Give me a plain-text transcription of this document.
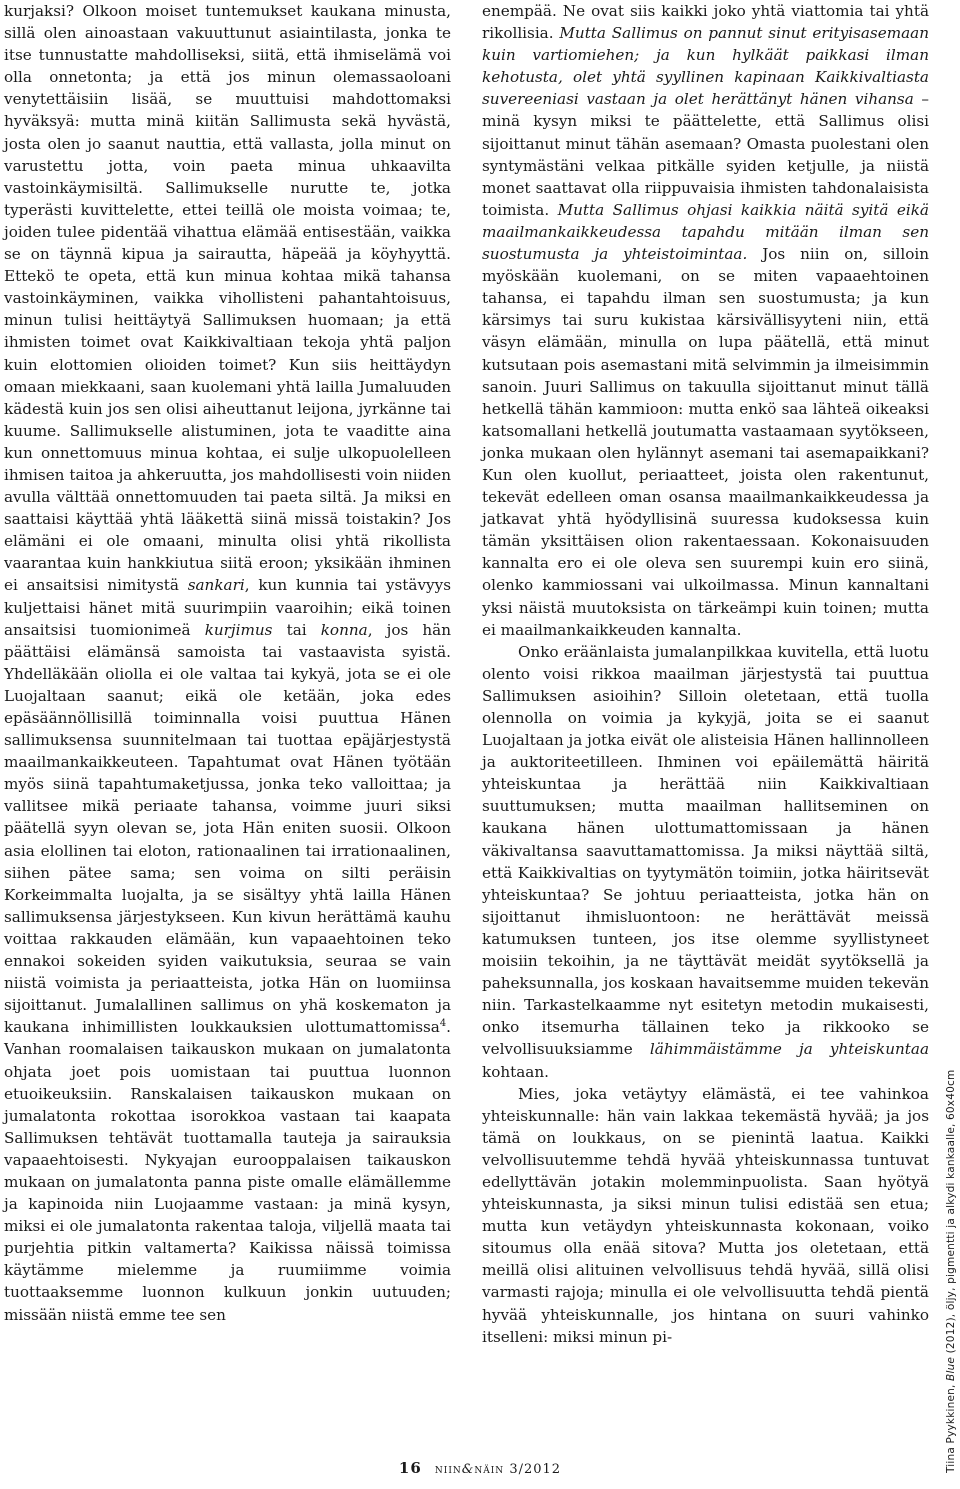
kurjaksi? Olkoon moiset tuntemukset kaukana minusta, sillä olen ainoastaan vakuuttunut asiaintilasta, jonka te itse tunnustatte mahdolliseksi, siitä, että ihmiselämä voi olla onnetonta; ja että jos minun olemassaoloani venytettäisiin lisää, se muuttuisi mahdottomaksi hyväksyä: mutta minä kiitän Sallimusta sekä hyvästä, josta olen jo saanut nauttia, että vallasta, jolla minut on varustettu jotta, voin paeta minua uhkaavilta vastoinkäymisiltä. Sallimukselle nurutte te, jotka typerästi kuvittelette, ettei teillä ole moista voimaa; te, joiden tulee pidentää vihattua elämää entisestään, vaikka se on täynnä kipua ja sairautta, häpeää ja köyhyyttä. Ettekö te opeta, että kun minua kohtaa mikä tahansa vastoinkäyminen, vaikka vihollisteni pahantahtoisuus, minun tulisi heittäytyä Sallimuksen huomaan; ja että ihmisten toimet ovat Kaikkivaltiaan tekoja yhtä paljon kuin elottomien olioiden toimet? Kun siis heittäydyn omaan miekkaani, saan kuolemani yhtä lailla Jumaluuden kädestä kuin jos sen olisi aiheuttanut leijona, jyrkänne tai kuume. Sallimukselle alistuminen, jota te vaaditte aina kun onnettomuus minua kohtaa, ei sulje ulkopuolelleen ihmisen taitoa ja ahkeruutta, jos mahdollisesti voin niiden avulla välttää onnettomuuden tai paeta siltä. Ja miksi en saattaisi käyttää yhtä lääkettä siinä missä toistakin? Jos elämäni ei ole omaani, minulta olisi yhtä rikollista vaarantaa kuin hankkiutua siitä eroon; yksikään ihminen ei ansaitsisi nimitystä sankari, kun kunnia tai ystävyys kuljettaisi hänet mitä suurimpiin vaaroihin; eikä toinen ansaitsisi tuomionimeä kurjimus tai konna, jos hän päättäisi elämänsä samoista tai vastaavista syistä. Yhdelläkään oliolla ei ole valtaa tai kykyä, jota se ei ole Luojaltaan saanut; eikä ole ketään, joka edes epäsäännöllisillä toiminnalla voisi puuttua Hänen sallimuksensa suunnitelmaan tai tuottaa epäjärjestystä maailmankaikkeuteen. Tapahtumat ovat Hänen työtään myös siinä tapahtumaketjussa, jonka teko valloittaa; ja vallitsee mikä periaate tahansa, voimme juuri siksi päätellä syyn olevan se, jota Hän eniten suosii. Olkoon asia elollinen tai eloton, rationaalinen tai irrationaalinen, siihen pätee sama; sen voima on silti peräisin Korkeimmalta luojalta, ja se sisältyy yhtä lailla Hänen sallimuksensa järjestykseen. Kun kivun herättämä kauhu voittaa rakkauden elämään, kun vapaaehtoinen teko ennakoi sokeiden syiden vaikutuksia, seuraa se vain niistä voimista ja periaatteista, jotka Hän on luomiinsa sijoittanut. Jumalallinen sallimus on yhä koskematon ja kaukana inhimillisten loukkauksien ulottumattomissa$^4$. Vanhan roomalaisen taikauskon mukaan on jumalatonta ohjata joet pois uomistaan tai puuttua luonnon etuoikeuksiin. Ranskalaisen taikauskon mukaan on jumalatonta rokottaa isorokkoa vastaan tai kaapata Sallimuksen tehtävät tuottamalla tauteja ja sairauksia vapaaehtoisesti. Nykyajan eurooppalaisen taikauskon mukaan on jumalatonta panna piste omalle elämällemme ja kapinoida niin Luojaamme vastaan: ja minä kysyn, miksi ei ole jumalatonta rakentaa taloja, viljellä maata tai purjehtia pitkin valtamerta? Kaikissa näissä toimissa käytämme mielemme ja ruumiimme voimia tuottaaksemme luonnon kulkuun jonkin uutuuden; missään niistä emme tee sen

enempää. Ne ovat siis kaikki joko yhtä viattomia tai yhtä rikollisia. Mutta Sallimus on pannut sinut erityisasemaan kuin vartiomiehen; ja kun hylkäät paikkasi ilman kehotusta, olet yhtä syyllinen kapinaan Kaikkivaltiasta suvereeniasi vastaan ja olet herättänyt hänen vihansa – minä kysyn miksi te päättelette, että Sallimus olisi sijoittanut minut tähän asemaan? Omasta puolestani olen syntymästäni velkaa pitkälle syiden ketjulle, ja niistä monet saattavat olla riippuvaisia ihmisten tahdonalaisista toimista. Mutta Sallimus ohjasi kaikkia näitä syitä eikä maailmankaikkeudessa tapahdu mitään ilman sen suostumusta ja yhteistoimintaa. Jos niin on, silloin myöskään kuolemani, on se miten vapaaehtoinen tahansa, ei tapahdu ilman sen suostumusta; ja kun kärsimys tai suru kukistaa kärsivällisyyteni niin, että väsyn elämään, minulla on lupa päätellä, että minut kutsutaan pois asemastani mitä selvimmin ja ilmeisimmin sanoin. Juuri Sallimus on takuulla sijoittanut minut tällä hetkellä tähän kammioon: mutta enkö saa lähteä oikeaksi katsomallani hetkellä joutumatta vastaamaan syytökseen, jonka mukaan olen hylännyt asemani tai asemapaikkani? Kun olen kuollut, periaatteet, joista olen rakentunut, tekevät edelleen oman osansa maailmankaikkeudessa ja jatkavat yhtä hyödyllisinä suuressa kudoksessa kuin tämän yksittäisen olion rakentaessaan. Kokonaisuuden kannalta ero ei ole oleva sen suurempi kuin ero siinä, olenko kammiossani vai ulkoilmassa. Minun kannaltani yksi näistä muutoksista on tärkeämpi kuin toinen; mutta ei maailmankaikkeuden kannalta.

Onko eräänlaista jumalanpilkkaa kuvitella, että luotu olento voisi rikkoa maailman järjestystä tai puuttua Sallimuksen asioihin? Silloin oletetaan, että tuolla olennolla on voimia ja kykyjä, joita se ei saanut Luojaltaan ja jotka eivät ole alisteisia Hänen hallinnolleen ja auktoriteetilleen. Ihminen voi epäilemättä häiritä yhteiskuntaa ja herättää niin Kaikkivaltiaan suuttumuksen; mutta maailman hallitseminen on kaukana hänen ulottumattomissaan ja hänen väkivaltansa saavuttamattomissa. Ja miksi näyttää siltä, että Kaikkivaltias on tyytymätön toimiin, jotka häiritsevät yhteiskuntaa? Se johtuu periaatteista, jotka hän on sijoittanut ihmisluontoon: ne herättävät meissä katumuksen tunteen, jos itse olemme syyllistyneet moisiin tekoihin, ja ne täyttävät meidät syytöksellä ja paheksunnalla, jos koskaan havaitsemme muiden tekevän niin. Tarkastelkaamme nyt esitetyn metodin mukaisesti, onko itsemurha tällainen teko ja rikkooko se velvollisuuksiamme lähimmäistämme ja yhteiskuntaa kohtaan.

Mies, joka vetäytyy elämästä, ei tee vahinkoa yhteiskunnalle: hän vain lakkaa tekemästä hyvää; ja jos tämä on loukkaus, on se pienintä laatua. Kaikki velvollisuutemme tehdä hyvää yhteiskunnassa tuntuvat edellyttävän jotakin molemminpuolista. Saan hyötyä yhteiskunnasta, ja siksi minun tulisi edistää sen etua; mutta kun vetäydyn yhteiskunnasta kokonaan, voiko sitoumus olla enää sitova? Mutta jos oletetaan, että meillä olisi alituinen velvollisuus tehdä hyvää, sillä olisi varmasti rajoja; minulla ei ole velvollisuutta tehdä pientä hyvää yhteiskunnalle, jos hintana on suuri vahinko itselleni: miksi minun pi-

Tiina Pyykkinen, Blue (2012), öljy, pigmentti ja alkydi kankaalle, 60x40cm
16 niin&näin 3/2012
